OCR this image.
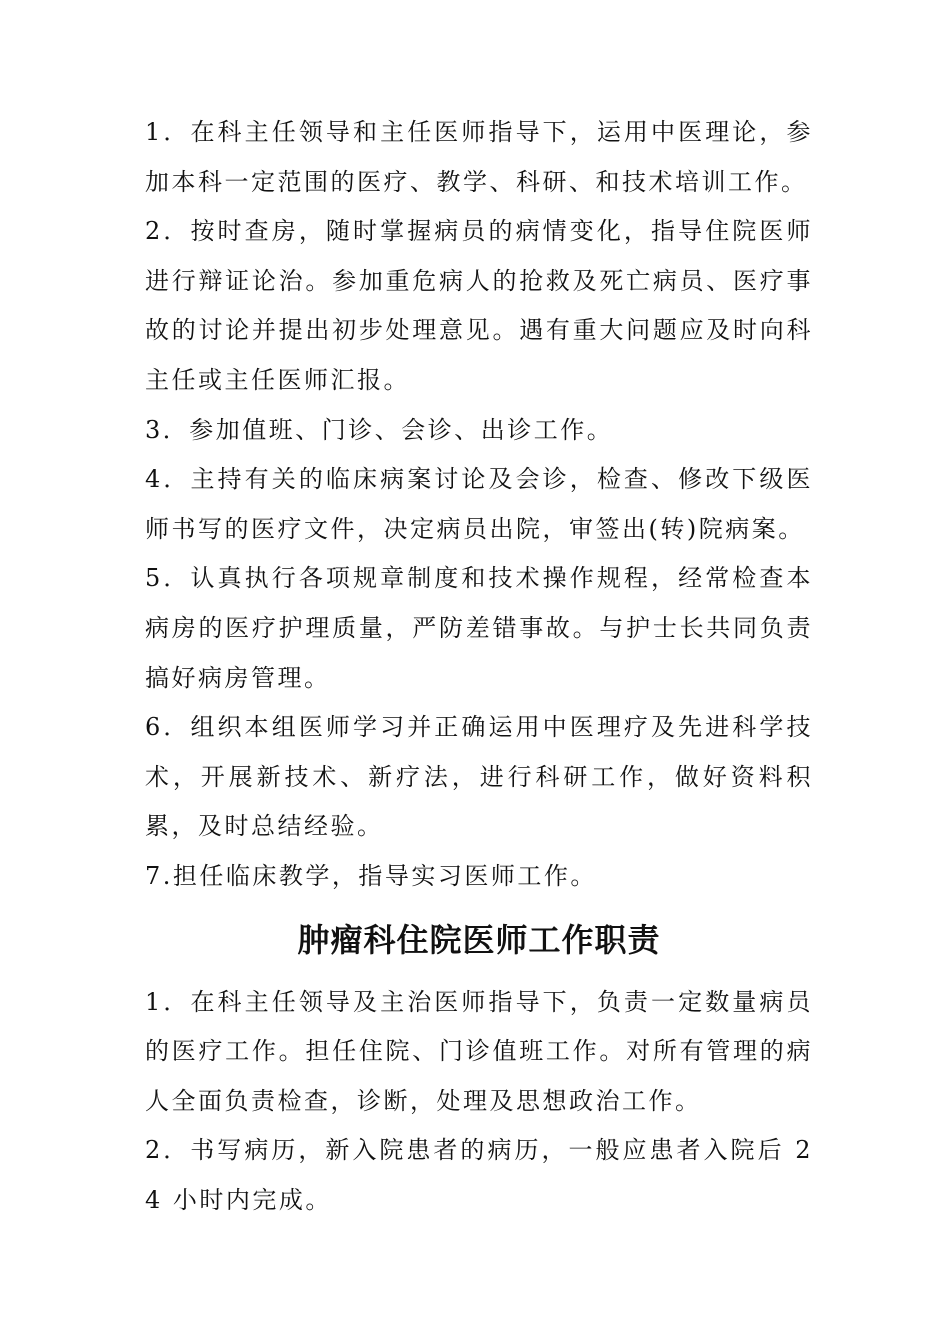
1．在科主任领导和主任医师指导下，运用中医理论，参加本科一定范围的医疗、教学、科研、和技术培训工作。

2．按时查房，随时掌握病员的病情变化，指导住院医师进行辩证论治。参加重危病人的抢救及死亡病员、医疗事故的讨论并提出初步处理意见。遇有重大问题应及时向科主任或主任医师汇报。

3．参加值班、门诊、会诊、出诊工作。

4．主持有关的临床病案讨论及会诊，检查、修改下级医师书写的医疗文件，决定病员出院，审签出(转)院病案。

5．认真执行各项规章制度和技术操作规程，经常检查本病房的医疗护理质量，严防差错事故。与护士长共同负责搞好病房管理。

6．组织本组医师学习并正确运用中医理疗及先进科学技术，开展新技术、新疗法，进行科研工作，做好资料积累，及时总结经验。

7.担任临床教学，指导实习医师工作。

肿瘤科住院医师工作职责

1．在科主任领导及主治医师指导下，负责一定数量病员的医疗工作。担任住院、门诊值班工作。对所有管理的病人全面负责检查，诊断，处理及思想政治工作。

2．书写病历，新入院患者的病历，一般应患者入院后 24 小时内完成。
